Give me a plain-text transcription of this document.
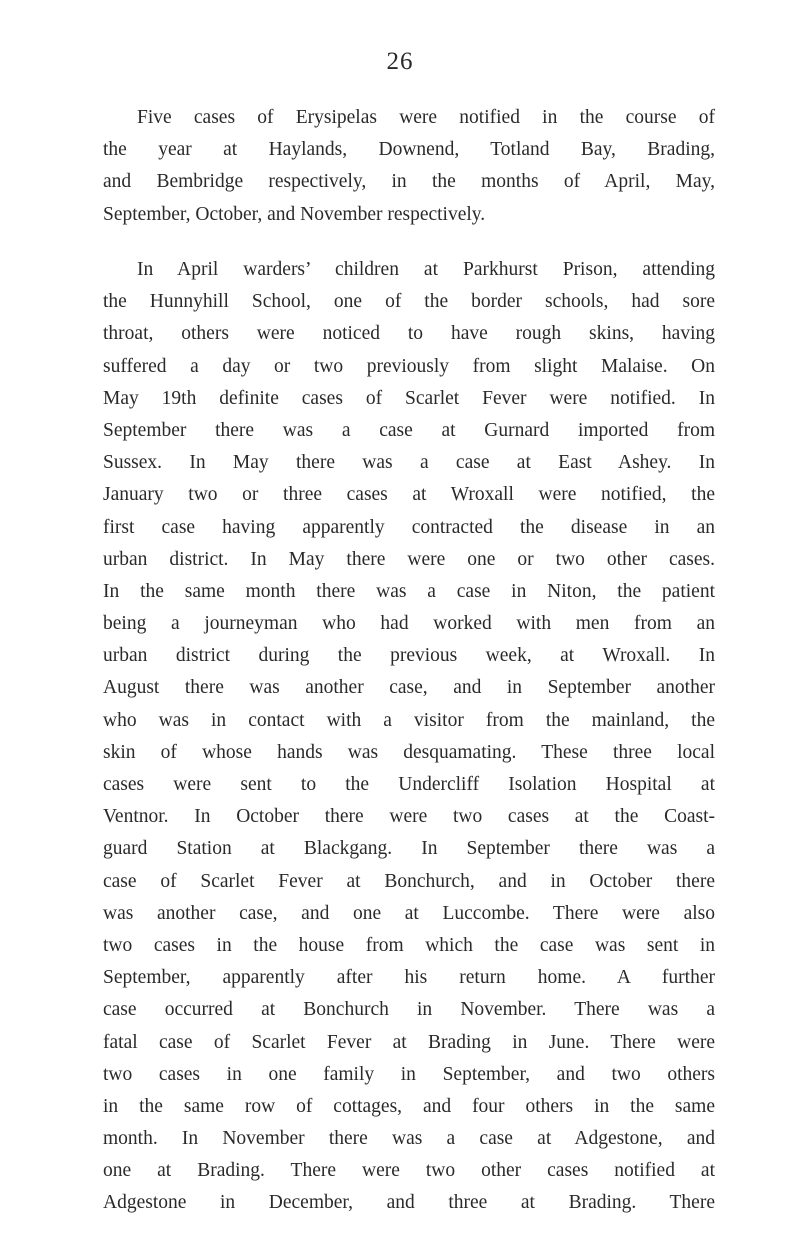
26
Five cases of Erysipelas were notified in the course of
the year at Haylands, Downend, Totland Bay, Brading,
and Bembridge respectively, in the months of April, May,
September, October, and November respectively.
In April warders’ children at Parkhurst Prison, attending
the Hunnyhill School, one of the border schools, had sore
throat, others were noticed to have rough skins, having
suffered a day or two previously from slight Malaise. On
May 19th definite cases of Scarlet Fever were notified. In
September there was a case at Gurnard imported from
Sussex. In May there was a case at East Ashey. In
January two or three cases at Wroxall were notified, the
first case having apparently contracted the disease in an
urban district. In May there were one or two other cases.
In the same month there was a case in Niton, the patient
being a journeyman who had worked with men from an
urban district during the previous week, at Wroxall. In
August there was another case, and in September another
who was in contact with a visitor from the mainland, the
skin of whose hands was desquamating. These three local
cases were sent to the Undercliff Isolation Hospital at
Ventnor. In October there were two cases at the Coast-
guard Station at Blackgang. In September there was a
case of Scarlet Fever at Bonchurch, and in October there
was another case, and one at Luccombe. There were also
two cases in the house from which the case was sent in
September, apparently after his return home. A further
case occurred at Bonchurch in November. There was a
fatal case of Scarlet Fever at Brading in June. There were
two cases in one family in September, and two others
in the same row of cottages, and four others in the same
month. In November there was a case at Adgestone, and
one at Brading. There were two other cases notified at
Adgestone in December, and three at Brading. There
